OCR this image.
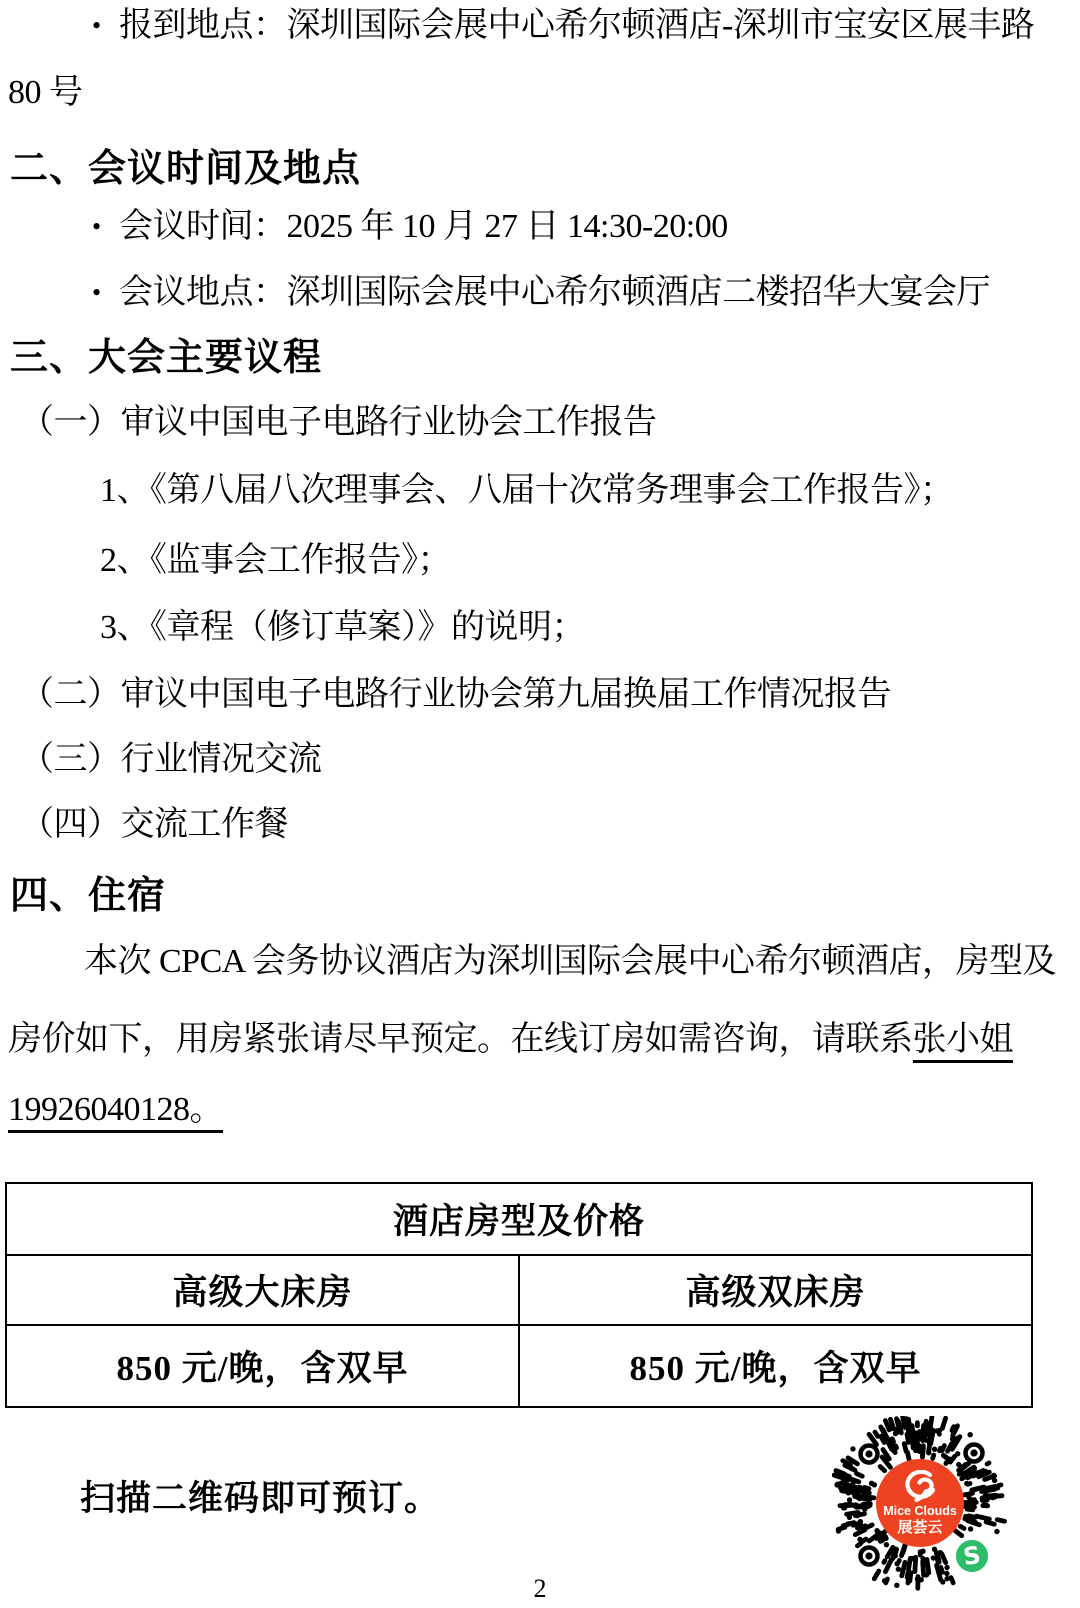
• 报到地点：深圳国际会展中心希尔顿酒店-深圳市宝安区展丰路
80 号
二、会议时间及地点
• 会议时间：2025 年 10 月 27 日 14:30-20:00
• 会议地点：深圳国际会展中心希尔顿酒店二楼招华大宴会厅
三、大会主要议程
（一）审议中国电子电路行业协会工作报告
1、《第八届八次理事会、八届十次常务理事会工作报告》；
2、《监事会工作报告》；
3、《章程（修订草案）》的说明；
（二）审议中国电子电路行业协会第九届换届工作情况报告
（三）行业情况交流
（四）交流工作餐
四、住宿
本次 CPCA 会务协议酒店为深圳国际会展中心希尔顿酒店，房型及
房价如下，用房紧张请尽早预定。在线订房如需咨询，请联系张小姐
19926040128。
酒店房型及价格	
高级大床房	高级双床房
850 元/晚，含双早	850 元/晚，含双早
扫描二维码即可预订。	Mice Clouds
展荟云
S
2
